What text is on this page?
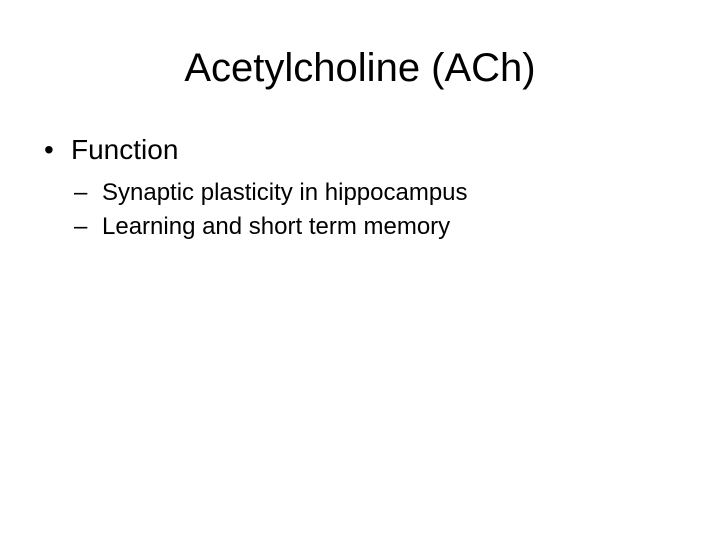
Acetylcholine (ACh)
• Function
– Synaptic plasticity in hippocampus
– Learning and short term memory
